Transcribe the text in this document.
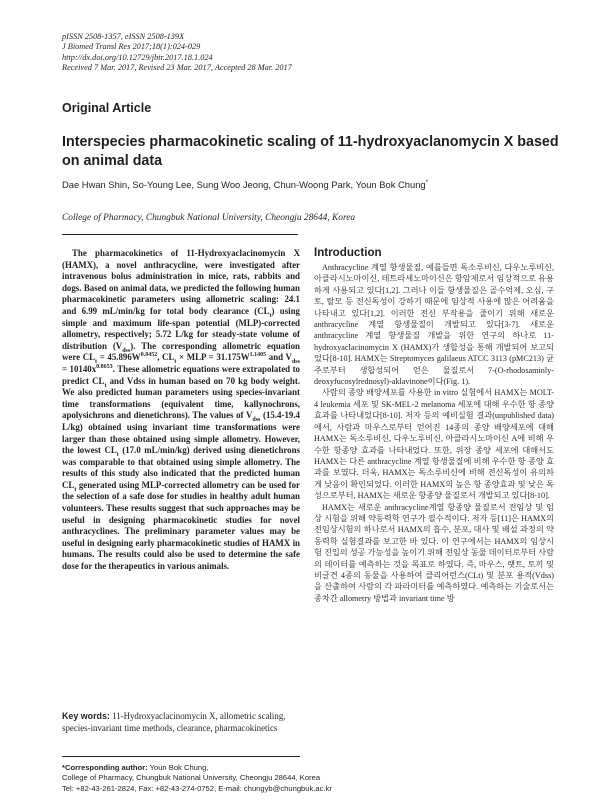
pISSN 2508-1357, eISSN 2508-139X
J Biomed Transl Res 2017;18(1):024-029
http://dx.doi.org/10.12729/jbtr.2017.18.1.024
Received 7 Mar. 2017, Revised 23 Mar. 2017, Accepted 28 Mar. 2017
Original Article
Interspecies pharmacokinetic scaling of 11-hydroxyaclanomycin X based on animal data
Dae Hwan Shin, So-Young Lee, Sung Woo Jeong, Chun-Woong Park, Youn Bok Chung*
College of Pharmacy, Chungbuk National University, Cheongju 28644, Korea

The pharmacokinetics of 11-Hydroxyaclacinomycin X (HAMX), a novel anthracycline, were investigated after intravenous bolus administration in mice, rats, rabbits and dogs. Based on animal data, we predicted the following human pharmacokinetic parameters using allometric scaling: 24.1 and 6.99 mL/min/kg for total body clearance $(CL_t)$ using simple and maximum life-span potential (MLP)-corrected allometry, respectively; 5.72 L/kg for steady-state volume of distribution $(V_{dss})$. The corresponding allometric equation were $CL_t = 45.896W^{0.8452}$, $CL_t$ × MLP = $31.175W^{1.1405}$ and $V_{dss} = 10140x^{0.8653}$. These allometric equations were extrapolated to predict $CL_t$ and Vdss in human based on 70 kg body weight. We also predicted human parameters using species-invariant time transformations (equivalent time, kallynochrons, apolysichrons and dienetichrons). The values of $V_{dss}$ (15.4-19.4 L/kg) obtained using invariant time transformations were larger than those obtained using simple allometry. However, the lowest $CL_t$ (17.0 mL/min/kg) derived using dienetichrons was comparable to that obtained using simple allometry. The results of this study also indicated that the predicted human $CL_t$ generated using MLP-corrected allometry can be used for the selection of a safe dose for studies in healthy adult human volunteers. These results suggest that such approaches may be useful in designing pharmacokinetic studies for novel anthracyclines. The preliminary parameter values may be useful in designing early pharmacokinetic studies of HAMX in humans. The results could also be used to determine the safe dose for the therapeutics in various animals.

Key words: 11-Hydroxyaclacinomycin X, allometric scaling, species-invariant time methods, clearance, pharmacokinetics
*Corresponding author: Youn Bok Chung,
College of Pharmacy, Chungbuk National University, Cheongju 28644, Korea
Tel: +82-43-261-2824, Fax: +82-43-274-0752, E-mail: chungyb@chungbuk.ac.kr
Introduction

Anthracycline 계열 항생물질, 예를들면 독소루비신, 다우노루비신, 아클라시노마이신, 테트라세노마이신은 항암제로서 임상적으로 유용하게 사용되고 있다[1,2]. 그러나 이들 항생물질은 골수억제, 오심, 구토, 탈모 등 전신독성이 강하기 때문에 임상적 사용에 많은 어려움을 나타내고 있다[1,2]. 이러한 전신 부작용을 줄이기 위해 새로운 anthracycline 계열 항생물질이 개발되고 있다[3-7]. 새로운 anthracycline 계열 항생물질 개발을 위한 연구의 하나로 11-hydroxyaclacinomycin X (HAMX)가 생합성을 통해 개발되어 보고되었다[8-10]. HAMX는 Streptomyces galilaeus ATCC 3113 (pMC213) 균주로부터 생합성되어 얻은 물질로서 7-(O-rhodosaminly-deoxyfucosylrednosyl)-aklavinone이다(Fig. 1).

사람의 종양 배양세포를 사용한 in vitro 실험에서 HAMX는 MOLT-4 leukemia 세포 및 SK-MEL-2 melanoma 세포에 대해 우수한 항 종양 효과를 나타내었다[8-10]. 저자 등의 예비실험 결과(unpublished data)에서, 사람과 마우스로부터 얻어진 14종의 종양 배양세포에 대해 HAMX는 독소루비신, 다우노루비신, 아클라시노마이신 A에 비해 우수한 항종양 효과를 나타내었다. 또한, 위장 종양 세포에 대해서도 HAMX는 다른 anthracycline 계열 항생물질에 비해 우수한 항 종양 효과를 보였다. 더욱, HAMX는 독소루비신에 비해 전신독성이 유의하게 낮음이 확인되었다. 이러한 HAMX의 높은 항 종양효과 및 낮은 독성으로부터, HAMX는 새로운 항종양 물질로서 개발되고 있다[8-10].

HAMX는 새로운 anthracycline계열 항종양 물질로서 전임상 및 임상 시험을 위해 약동력학 연구가 필수적이다. 저자 등[11]은 HAMX의 전임상시험의 하나로서 HAMX의 흡수, 분포, 대사 및 배설 과정의 약동력학 실험결과를 보고한 바 있다. 이 연구에서는 HAMX의 임상시험 진입의 성공 가능성을 높이기 위해 전임상 동물 데이터로부터 사람의 데이터를 예측하는 것을 목표로 하였다. 즉, 마우스, 랫트, 토끼 및 비글견 4종의 동물을 사용하여 클리어런스(CLt) 및 분포 용적(Vdss)을 산출하여 사람의 각 파라미터를 예측하였다. 예측하는 기술로서는 종차간 allometry 방법과 invariant time 방
